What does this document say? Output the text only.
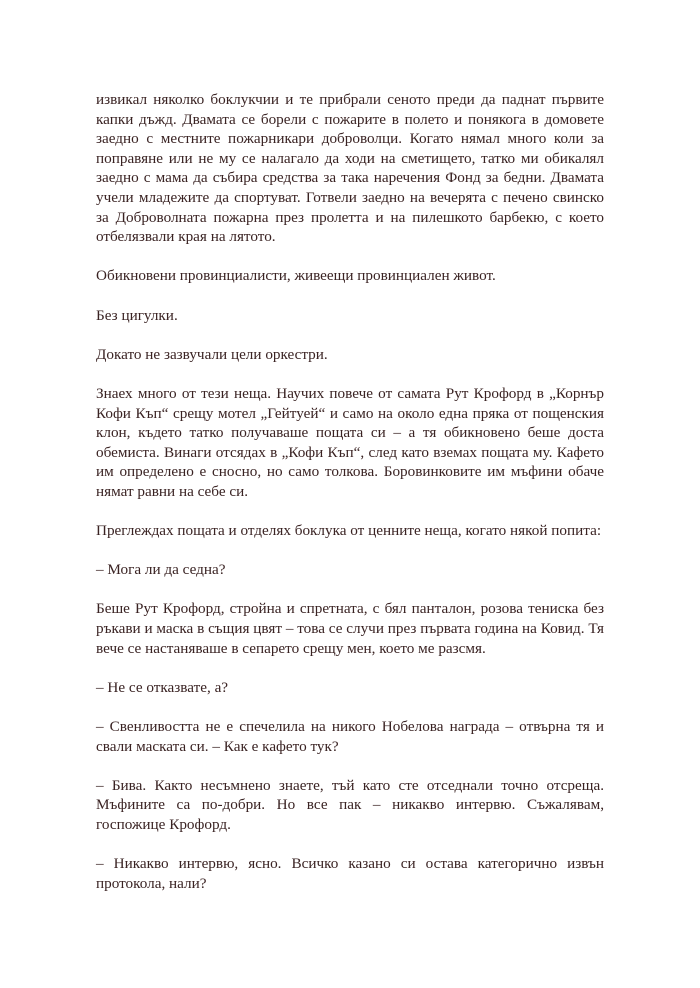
извикал няколко боклукчии и те прибрали сеното преди да паднат първите капки дъжд. Двамата се борели с пожарите в полето и понякога в домовете заедно с местните пожарникари доброволци. Когато нямал много коли за поправяне или не му се налагало да ходи на сметището, татко ми обикалял заедно с мама да събира средства за така наречения Фонд за бедни. Двамата учели младежите да спортуват. Готвели заедно на вечерята с печено свинско за Доброволната пожарна през пролетта и на пилешкото барбекю, с което отбелязвали края на лятото.

Обикновени провинциалисти, живеещи провинциален живот.

Без цигулки.

Докато не зазвучали цели оркестри.

Знаех много от тези неща. Научих повече от самата Рут Крофорд в „Корнър Кофи Къп“ срещу мотел „Гейтуей“ и само на около една пряка от пощенския клон, където татко получаваше пощата си – а тя обикновено беше доста обемиста. Винаги отсядах в „Кофи Къп“, след като вземах пощата му. Кафето им определено е сносно, но само толкова. Боровинковите им мъфини обаче нямат равни на себе си.

Преглеждах пощата и отделях боклука от ценните неща, когато някой попита:

– Мога ли да седна?

Беше Рут Крофорд, стройна и спретната, с бял панталон, розова тениска без ръкави и маска в същия цвят – това се случи през първата година на Ковид. Тя вече се настаняваше в сепарето срещу мен, което ме разсмя.

– Не се отказвате, а?

– Свенливостта не е спечелила на никого Нобелова награда – отвърна тя и свали маската си. – Как е кафето тук?

– Бива. Както несъмнено знаете, тъй като сте отседнали точно отсреща. Мъфините са по-добри. Но все пак – никакво интервю. Съжалявам, госпожице Крофорд.

– Никакво интервю, ясно. Всичко казано си остава категорично извън протокола, нали?
